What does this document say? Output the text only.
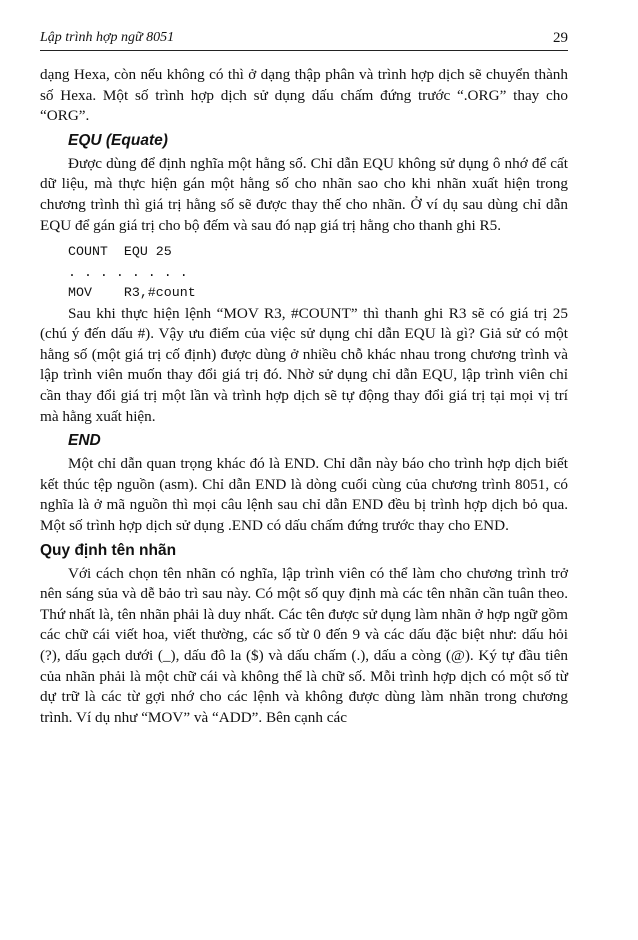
Lập trình hợp ngữ 8051	29

dạng Hexa, còn nếu không có thì ở dạng thập phân và trình hợp dịch sẽ chuyển thành số Hexa. Một số trình hợp dịch sử dụng dấu chấm đứng trước “.ORG” thay cho “ORG”.

EQU (Equate)

Được dùng để định nghĩa một hằng số. Chỉ dẫn EQU không sử dụng ô nhớ để cất dữ liệu, mà thực hiện gán một hằng số cho nhãn sao cho khi nhãn xuất hiện trong chương trình thì giá trị hằng số sẽ được thay thế cho nhãn. Ở ví dụ sau dùng chỉ dẫn EQU để gán giá trị cho bộ đếm và sau đó nạp giá trị hằng cho thanh ghi R5.

COUNT  EQU 25
. . . . . . . .
MOV    R3,#count

Sau khi thực hiện lệnh “MOV R3, #COUNT” thì thanh ghi R3 sẽ có giá trị 25 (chú ý đến dấu #). Vậy ưu điểm của việc sử dụng chỉ dẫn EQU là gì? Giả sử có một hằng số (một giá trị cố định) được dùng ở nhiều chỗ khác nhau trong chương trình và lập trình viên muốn thay đổi giá trị đó. Nhờ sử dụng chỉ dẫn EQU, lập trình viên chỉ cần thay đổi giá trị một lần và trình hợp dịch sẽ tự động thay đổi giá trị tại mọi vị trí mà hằng xuất hiện.

END

Một chỉ dẫn quan trọng khác đó là END. Chỉ dẫn này báo cho trình hợp dịch biết kết thúc tệp nguồn (asm). Chỉ dẫn END là dòng cuối cùng của chương trình 8051, có nghĩa là ở mã nguồn thì mọi câu lệnh sau chỉ dẫn END đều bị trình hợp dịch bỏ qua. Một số trình hợp dịch sử dụng .END có dấu chấm đứng trước thay cho END.

Quy định tên nhãn

Với cách chọn tên nhãn có nghĩa, lập trình viên có thể làm cho chương trình trở nên sáng sủa và dễ bảo trì sau này. Có một số quy định mà các tên nhãn cần tuân theo. Thứ nhất là, tên nhãn phải là duy nhất. Các tên được sử dụng làm nhãn ở hợp ngữ gồm các chữ cái viết hoa, viết thường, các số từ 0 đến 9 và các dấu đặc biệt như: dấu hỏi (?), dấu gạch dưới (_), dấu đô la ($) và dấu chấm (.), dấu a còng (@). Ký tự đầu tiên của nhãn phải là một chữ cái và không thể là chữ số. Mỗi trình hợp dịch có một số từ dự trữ là các từ gợi nhớ cho các lệnh và không được dùng làm nhãn trong chương trình. Ví dụ như “MOV” và “ADD”. Bên cạnh các
